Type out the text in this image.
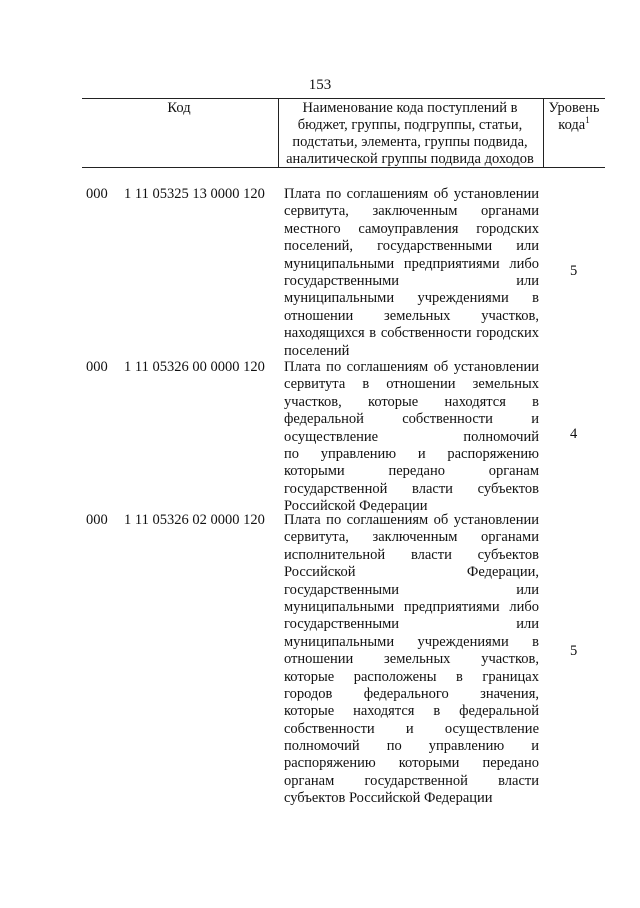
153
Код	Наименование кода поступлений в бюджет, группы, подгруппы, статьи, подстатьи, элемента, группы подвида, аналитической группы подвида доходов
Уровень кода$^1$
000 1 11 05325 13 0000 120 Плата по соглашениям об установлении
сервитута, заключенным органами
местного самоуправления городских
поселений, государственными или
муниципальными предприятиями либо
государственными или
муниципальными учреждениями в
отношении земельных участков,
находящихся в собственности городских
поселений
5
000 1 11 05326 00 0000 120 Плата по соглашениям об установлении
сервитута в отношении земельных
участков, которые находятся в
федеральной собственности и
осуществление полномочий
по управлению и распоряжению
которыми передано органам
государственной власти субъектов
Российской Федерации
4
000 1 11 05326 02 0000 120 Плата по соглашениям об установлении
сервитута, заключенным органами
исполнительной власти субъектов
Российской Федерации,
государственными или
муниципальными предприятиями либо
государственными или
муниципальными учреждениями в
отношении земельных участков,
которые расположены в границах
городов федерального значения,
которые находятся в федеральной
собственности и осуществление
полномочий по управлению и
распоряжению которыми передано
органам государственной власти
субъектов Российской Федерации
5
